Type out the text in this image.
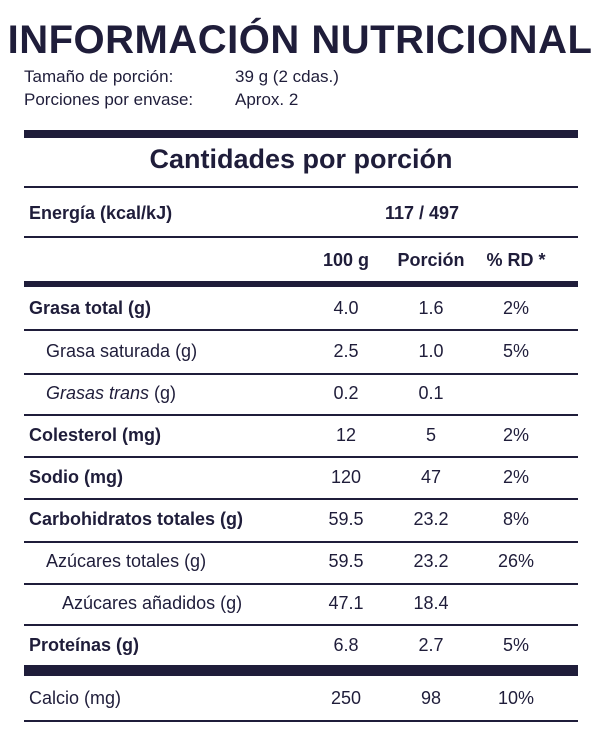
INFORMACIÓN NUTRICIONAL
Tamaño de porción:	39 g (2 cdas.)
Porciones por envase: Aprox. 2
Cantidades por porción
Energía (kcal/kJ)	117 / 497
100 g	Porción	% RD *
Grasa total (g)	4.0	1.6	2%
Grasa saturada (g)	2.5	1.0	5%
Grasas trans (g)	0.2	0.1
Colesterol (mg)	12	5	2%
Sodio (mg)	120	47	2%
Carbohidratos totales (g)	59.5	23.2	8%
Azúcares totales (g)	59.5	23.2	26%
Azúcares añadidos (g)	47.1	18.4
Proteínas (g)	6.8	2.7	5%
Calcio (mg)	250	98	10%
